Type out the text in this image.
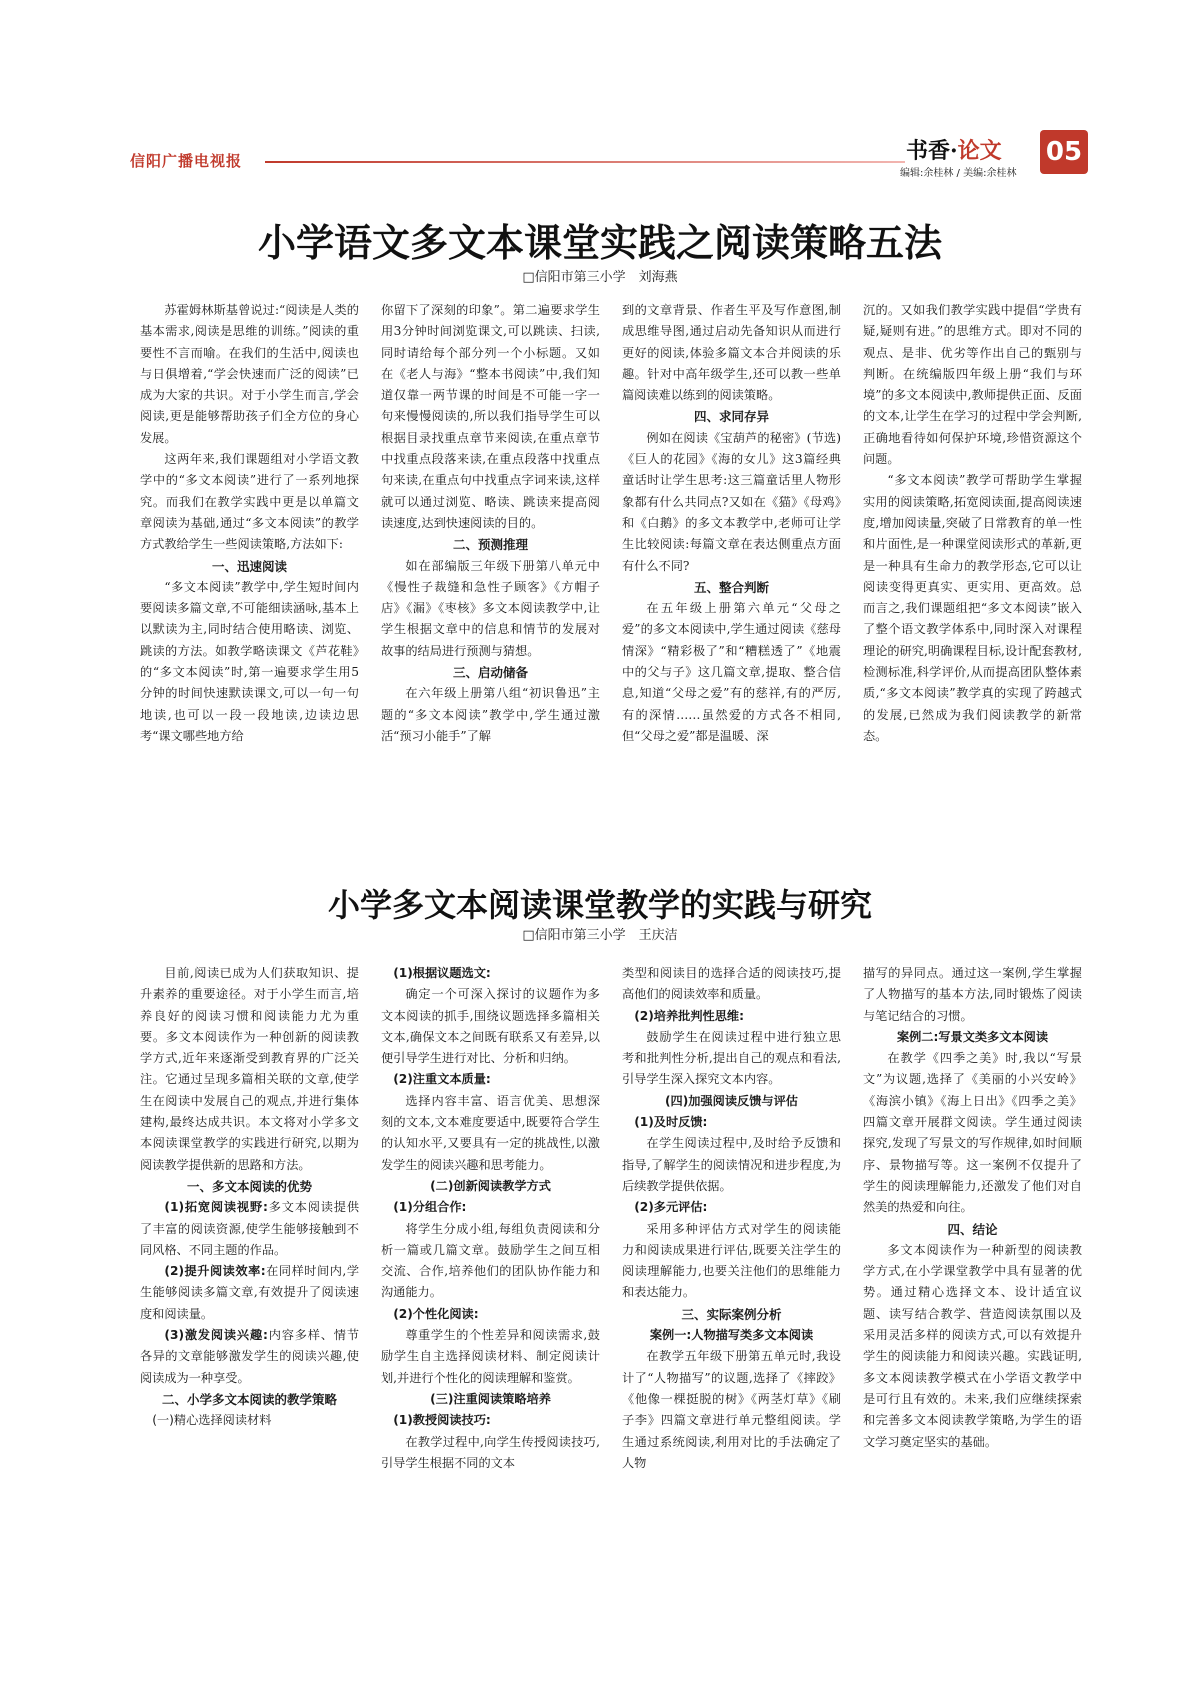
信阳广播电视报	书香·论文
编辑:余桂林 / 美编:余桂林
05
小学语文多文本课堂实践之阅读策略五法
□信阳市第三小学　刘海燕

苏霍姆林斯基曾说过:“阅读是人类的基本需求,阅读是思维的训练。”阅读的重要性不言而喻。在我们的生活中,阅读也与日俱增着,“学会快速而广泛的阅读”已成为大家的共识。对于小学生而言,学会阅读,更是能够帮助孩子们全方位的身心发展。

这两年来,我们课题组对小学语文教学中的“多文本阅读”进行了一系列地探究。而我们在教学实践中更是以单篇文章阅读为基础,通过“多文本阅读”的教学方式教给学生一些阅读策略,方法如下:

一、迅速阅读

“多文本阅读”教学中,学生短时间内要阅读多篇文章,不可能细读涵咏,基本上以默读为主,同时结合使用略读、浏览、跳读的方法。如教学略读课文《芦花鞋》的“多文本阅读”时,第一遍要求学生用5分钟的时间快速默读课文,可以一句一句地读,也可以一段一段地读,边读边思考“课文哪些地方给

你留下了深刻的印象”。第二遍要求学生用3分钟时间浏览课文,可以跳读、扫读,同时请给每个部分列一个小标题。又如在《老人与海》“整本书阅读”中,我们知道仅靠一两节课的时间是不可能一字一句来慢慢阅读的,所以我们指导学生可以根据目录找重点章节来阅读,在重点章节中找重点段落来读,在重点段落中找重点句来读,在重点句中找重点字词来读,这样就可以通过浏览、略读、跳读来提高阅读速度,达到快速阅读的目的。

二、预测推理

如在部编版三年级下册第八单元中《慢性子裁缝和急性子顾客》《方帽子店》《漏》《枣核》多文本阅读教学中,让学生根据文章中的信息和情节的发展对故事的结局进行预测与猜想。

三、启动储备

在六年级上册第八组“初识鲁迅”主题的“多文本阅读”教学中,学生通过激活“预习小能手”了解

到的文章背景、作者生平及写作意图,制成思维导图,通过启动先备知识从而进行更好的阅读,体验多篇文本合并阅读的乐趣。针对中高年级学生,还可以教一些单篇阅读难以练到的阅读策略。

四、求同存异

例如在阅读《宝葫芦的秘密》(节选)《巨人的花园》《海的女儿》这3篇经典童话时让学生思考:这三篇童话里人物形象都有什么共同点?又如在《猫》《母鸡》和《白鹅》的多文本教学中,老师可让学生比较阅读:每篇文章在表达侧重点方面有什么不同?

五、整合判断

在五年级上册第六单元“父母之爱”的多文本阅读中,学生通过阅读《慈母情深》“精彩极了”和“糟糕透了”《地震中的父与子》这几篇文章,提取、整合信息,知道“父母之爱”有的慈祥,有的严厉,有的深情……虽然爱的方式各不相同,但“父母之爱”都是温暖、深

沉的。又如我们教学实践中提倡“学贵有疑,疑则有进。”的思维方式。即对不同的观点、是非、优劣等作出自己的甄别与判断。在统编版四年级上册“我们与环境”的多文本阅读中,教师提供正面、反面的文本,让学生在学习的过程中学会判断,正确地看待如何保护环境,珍惜资源这个问题。

“多文本阅读”教学可帮助学生掌握实用的阅读策略,拓宽阅读面,提高阅读速度,增加阅读量,突破了日常教育的单一性和片面性,是一种课堂阅读形式的革新,更是一种具有生命力的教学形态,它可以让阅读变得更真实、更实用、更高效。总而言之,我们课题组把“多文本阅读”嵌入了整个语文教学体系中,同时深入对课程理论的研究,明确课程目标,设计配套教材,检测标准,科学评价,从而提高团队整体素质,“多文本阅读”教学真的实现了跨越式的发展,已然成为我们阅读教学的新常态。

小学多文本阅读课堂教学的实践与研究
□信阳市第三小学　王庆洁

目前,阅读已成为人们获取知识、提升素养的重要途径。对于小学生而言,培养良好的阅读习惯和阅读能力尤为重要。多文本阅读作为一种创新的阅读教学方式,近年来逐渐受到教育界的广泛关注。它通过呈现多篇相关联的文章,使学生在阅读中发展自己的观点,并进行集体建构,最终达成共识。本文将对小学多文本阅读课堂教学的实践进行研究,以期为阅读教学提供新的思路和方法。

一、多文本阅读的优势

(1)拓宽阅读视野:多文本阅读提供了丰富的阅读资源,使学生能够接触到不同风格、不同主题的作品。

(2)提升阅读效率:在同样时间内,学生能够阅读多篇文章,有效提升了阅读速度和阅读量。

(3)激发阅读兴趣:内容多样、情节各异的文章能够激发学生的阅读兴趣,使阅读成为一种享受。

二、小学多文本阅读的教学策略
(一)精心选择阅读材料
(1)根据议题选文:

确定一个可深入探讨的议题作为多文本阅读的抓手,围绕议题选择多篇相关文本,确保文本之间既有联系又有差异,以便引导学生进行对比、分析和归纳。

(2)注重文本质量:

选择内容丰富、语言优美、思想深刻的文本,文本难度要适中,既要符合学生的认知水平,又要具有一定的挑战性,以激发学生的阅读兴趣和思考能力。

(二)创新阅读教学方式
(1)分组合作:

将学生分成小组,每组负责阅读和分析一篇或几篇文章。鼓励学生之间互相交流、合作,培养他们的团队协作能力和沟通能力。

(2)个性化阅读:

尊重学生的个性差异和阅读需求,鼓励学生自主选择阅读材料、制定阅读计划,并进行个性化的阅读理解和鉴赏。

(三)注重阅读策略培养
(1)教授阅读技巧:

在教学过程中,向学生传授阅读技巧,引导学生根据不同的文本

类型和阅读目的选择合适的阅读技巧,提高他们的阅读效率和质量。

(2)培养批判性思维:

鼓励学生在阅读过程中进行独立思考和批判性分析,提出自己的观点和看法,引导学生深入探究文本内容。

(四)加强阅读反馈与评估
(1)及时反馈:

在学生阅读过程中,及时给予反馈和指导,了解学生的阅读情况和进步程度,为后续教学提供依据。

(2)多元评估:

采用多种评估方式对学生的阅读能力和阅读成果进行评估,既要关注学生的阅读理解能力,也要关注他们的思维能力和表达能力。

三、实际案例分析
案例一:人物描写类多文本阅读

在教学五年级下册第五单元时,我设计了“人物描写”的议题,选择了《摔跤》《他像一棵挺脱的树》《两茎灯草》《刷子李》四篇文章进行单元整组阅读。学生通过系统阅读,利用对比的手法确定了人物

描写的异同点。通过这一案例,学生掌握了人物描写的基本方法,同时锻炼了阅读与笔记结合的习惯。

案例二:写景文类多文本阅读

在教学《四季之美》时,我以“写景文”为议题,选择了《美丽的小兴安岭》《海滨小镇》《海上日出》《四季之美》四篇文章开展群文阅读。学生通过阅读探究,发现了写景文的写作规律,如时间顺序、景物描写等。这一案例不仅提升了学生的阅读理解能力,还激发了他们对自然美的热爱和向往。

四、结论

多文本阅读作为一种新型的阅读教学方式,在小学课堂教学中具有显著的优势。通过精心选择文本、设计适宜议题、读写结合教学、营造阅读氛围以及采用灵活多样的阅读方式,可以有效提升学生的阅读能力和阅读兴趣。实践证明,多文本阅读教学模式在小学语文教学中是可行且有效的。未来,我们应继续探索和完善多文本阅读教学策略,为学生的语文学习奠定坚实的基础。
